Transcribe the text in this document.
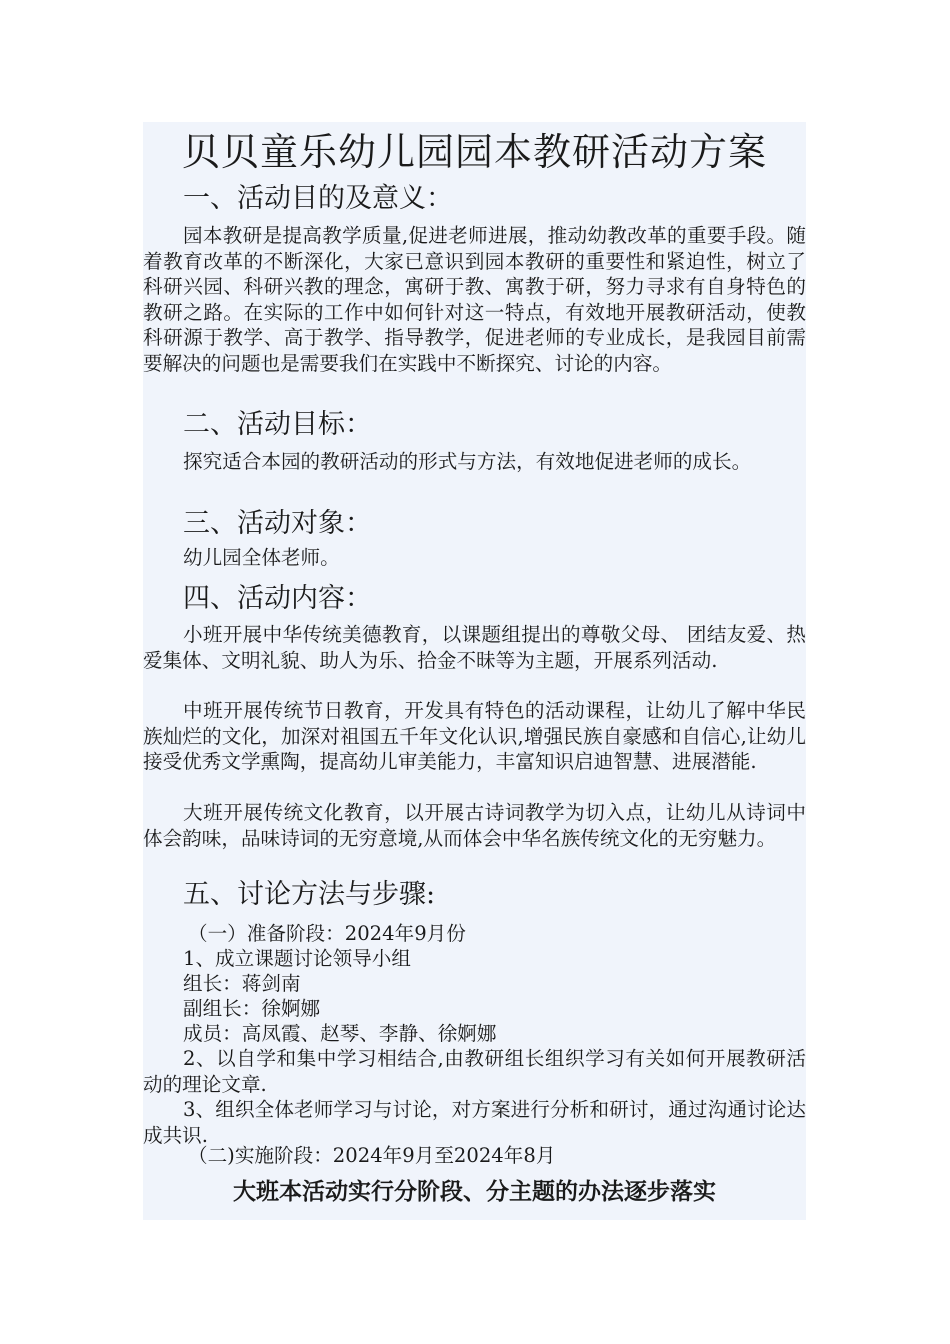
贝贝童乐幼儿园园本教研活动方案
一、活动目的及意义：

园本教研是提高教学质量,促进老师进展，推动幼教改革的重要手段。随着教育改革的不断深化，大家已意识到园本教研的重要性和紧迫性，树立了科研兴园、科研兴教的理念，寓研于教、寓教于研，努力寻求有自身特色的教研之路。在实际的工作中如何针对这一特点，有效地开展教研活动，使教科研源于教学、高于教学、指导教学，促进老师的专业成长，是我园目前需要解决的问题也是需要我们在实践中不断探究、讨论的内容。

二、活动目标：

探究适合本园的教研活动的形式与方法，有效地促进老师的成长。

三、活动对象：

幼儿园全体老师。

四、活动内容：

小班开展中华传统美德教育，以课题组提出的尊敬父母、 团结友爱、热爱集体、文明礼貌、助人为乐、拾金不昧等为主题，开展系列活动.

中班开展传统节日教育，开发具有特色的活动课程，让幼儿了解中华民族灿烂的文化，加深对祖国五千年文化认识,增强民族自豪感和自信心,让幼儿接受优秀文学熏陶，提高幼儿审美能力，丰富知识启迪智慧、进展潜能.

大班开展传统文化教育，以开展古诗词教学为切入点，让幼儿从诗词中体会韵味，品味诗词的无穷意境,从而体会中华名族传统文化的无穷魅力。

五、讨论方法与步骤:

（一）准备阶段：2024年9月份

1、成立课题讨论领导小组

组长：蒋剑南

副组长：徐婀娜

成员：高凤霞、赵琴、李静、徐婀娜

2、以自学和集中学习相结合,由教研组长组织学习有关如何开展教研活动的理论文章.

3、组织全体老师学习与讨论，对方案进行分析和研讨，通过沟通讨论达成共识.

（二)实施阶段：2024年9月至2024年8月

大班本活动实行分阶段、分主题的办法逐步落实
